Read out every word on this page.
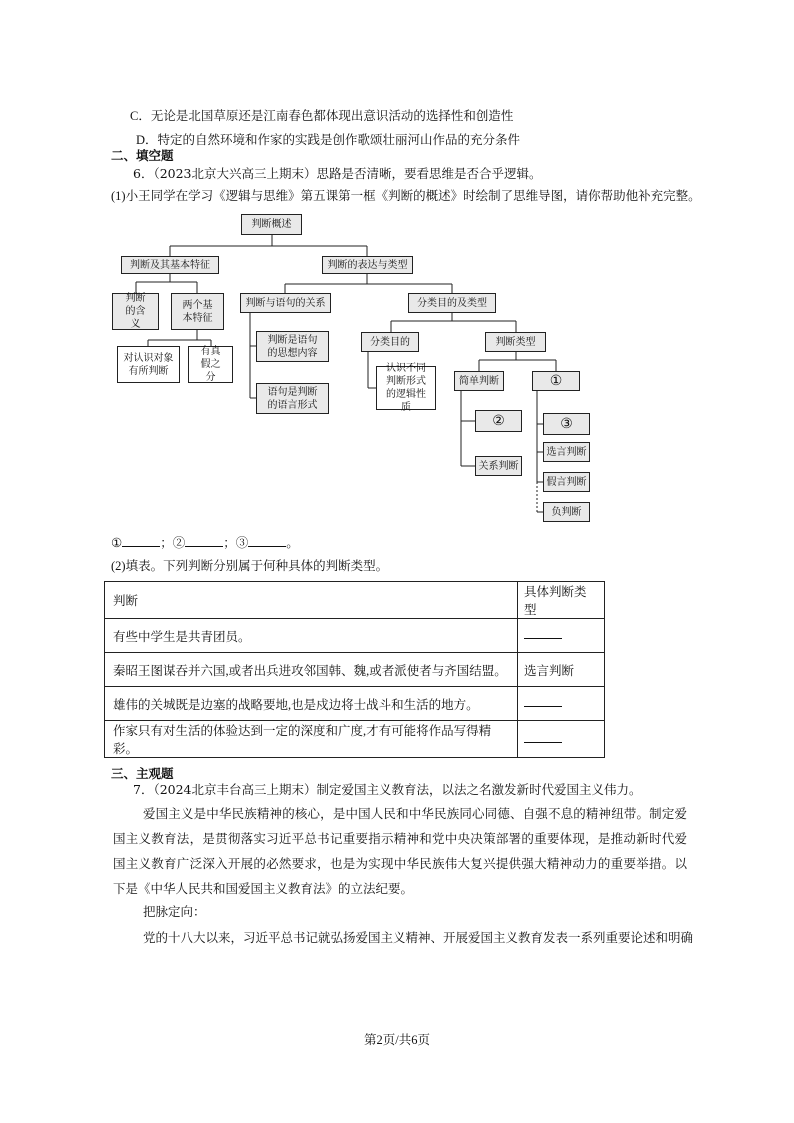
C．无论是北国草原还是江南春色都体现出意识活动的选择性和创造性
D．特定的自然环境和作家的实践是创作歌颂壮丽河山作品的充分条件
二、填空题
6．（2023北京大兴高三上期末）思路是否清晰，要看思维是否合乎逻辑。
(1)小王同学在学习《逻辑与思维》第五课第一框《判断的概述》时绘制了思维导图，请你帮助他补充完整。
判断概述
判断及其基本特征	判断的表达与类型
判断的含义
两个基本特征
对认识对象有所判断
有真假之分
判断与语句的关系
判断是语句的思想内容
语句是判断的语言形式
分类目的及类型
分类目的
认识不同判断形式的逻辑性质
判断类型
简单判断	①
②	③
关系判断
选言判断
假言判断
负判断
①	；②	；③	。
(2)填表。下列判断分别属于何种具体的判断类型。
判断	具体判断类型
有些中学生是共青团员。	
秦昭王图谋吞并六国,或者出兵进攻邻国韩、魏,或者派使者与齐国结盟。	选言判断
雄伟的关城既是边塞的战略要地,也是戍边将士战斗和生活的地方。	
作家只有对生活的体验达到一定的深度和广度,才有可能将作品写得精彩。	
三、主观题
7．（2024北京丰台高三上期末）制定爱国主义教育法，以法之名激发新时代爱国主义伟力。
爱国主义是中华民族精神的核心，是中国人民和中华民族同心同德、自强不息的精神纽带。制定爱国主义教育法，是贯彻落实习近平总书记重要指示精神和党中央决策部署的重要体现，是推动新时代爱国主义教育广泛深入开展的必然要求，也是为实现中华民族伟大复兴提供强大精神动力的重要举措。以下是《中华人民共和国爱国主义教育法》的立法纪要。
把脉定向：
党的十八大以来，习近平总书记就弘扬爱国主义精神、开展爱国主义教育发表一系列重要论述和明确
第2页/共6页
